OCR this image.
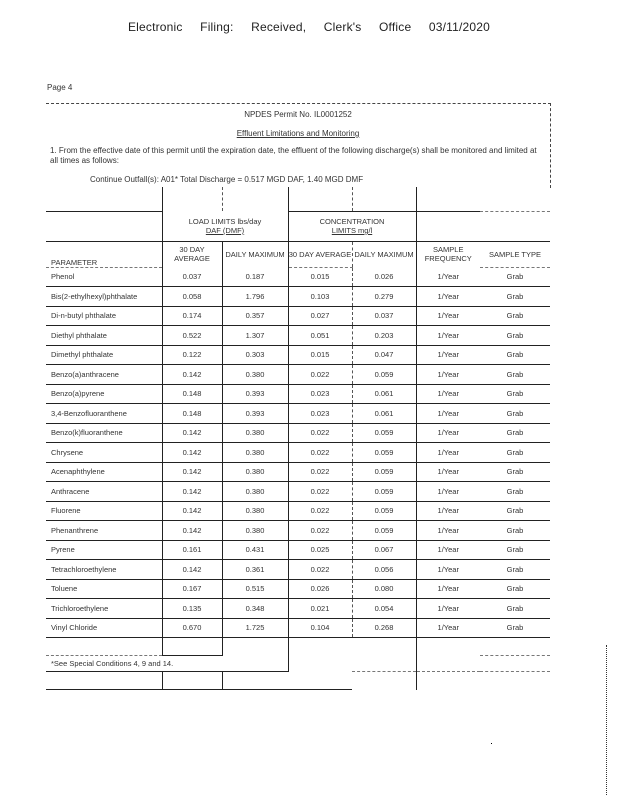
Electronic Filing: Received, Clerk's Office 03/11/2020
Page 4
NPDES Permit No. IL0001252
Effluent Limitations and Monitoring
1. From the effective date of this permit until the expiration date, the effluent of the following discharge(s) shall be monitored and limited at all times as follows:
Continue Outfall(s): A01* Total Discharge = 0.517 MGD DAF, 1.40 MGD DMF

LOAD LIMITS lbs/day
DAF (DMF)

CONCENTRATION
LIMITS mg/l

PARAMETER	30 DAY AVERAGE	DAILY MAXIMUM	30 DAY AVERAGE	DAILY MAXIMUM	SAMPLE FREQUENCY	SAMPLE TYPE
Phenol	0.037	0.187	0.015	0.026	1/Year	Grab
Bis(2-ethylhexyl)phthalate	0.058	1.796	0.103	0.279	1/Year	Grab
Di-n-butyl phthalate	0.174	0.357	0.027	0.037	1/Year	Grab
Diethyl phthalate	0.522	1.307	0.051	0.203	1/Year	Grab
Dimethyl phthalate	0.122	0.303	0.015	0.047	1/Year	Grab
Benzo(a)anthracene	0.142	0.380	0.022	0.059	1/Year	Grab
Benzo(a)pyrene	0.148	0.393	0.023	0.061	1/Year	Grab
3,4-Benzofluoranthene	0.148	0.393	0.023	0.061	1/Year	Grab
Benzo(k)fluoranthene	0.142	0.380	0.022	0.059	1/Year	Grab
Chrysene	0.142	0.380	0.022	0.059	1/Year	Grab
Acenaphthylene	0.142	0.380	0.022	0.059	1/Year	Grab
Anthracene	0.142	0.380	0.022	0.059	1/Year	Grab
Fluorene	0.142	0.380	0.022	0.059	1/Year	Grab
Phenanthrene	0.142	0.380	0.022	0.059	1/Year	Grab
Pyrene	0.161	0.431	0.025	0.067	1/Year	Grab
Tetrachloroethylene	0.142	0.361	0.022	0.056	1/Year	Grab
Toluene	0.167	0.515	0.026	0.080	1/Year	Grab
Trichloroethylene	0.135	0.348	0.021	0.054	1/Year	Grab
Vinyl Chloride	0.670	1.725	0.104	0.268	1/Year	Grab

*See Special Conditions 4, 9 and 14.						
